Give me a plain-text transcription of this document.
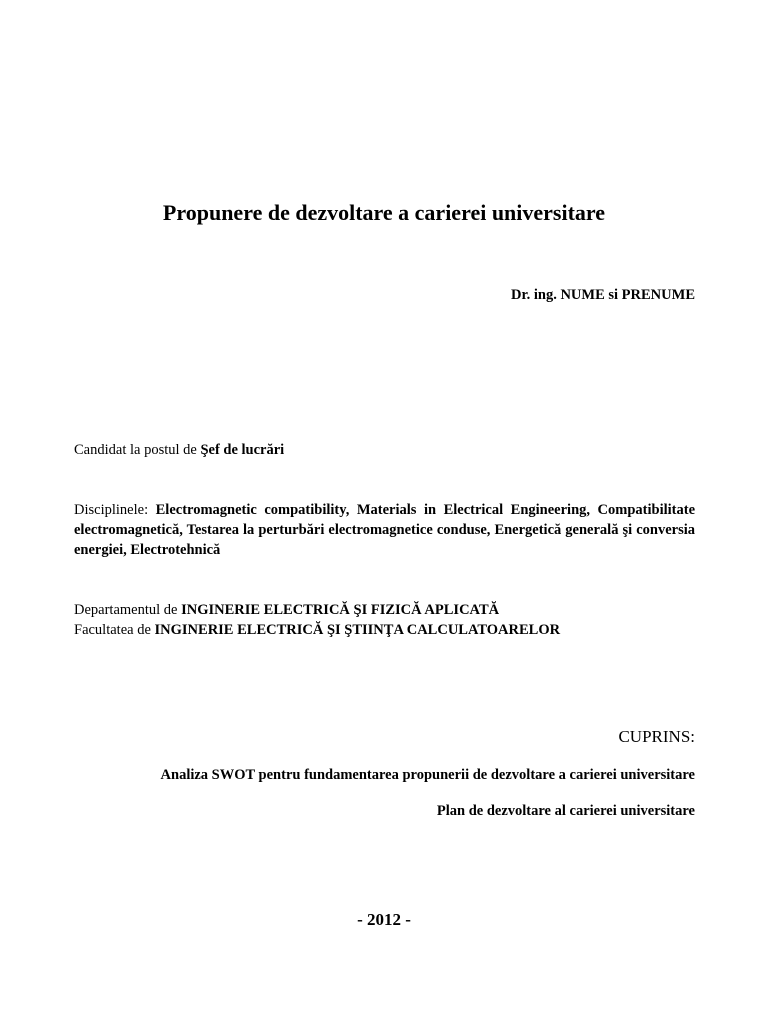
Propunere de dezvoltare a carierei universitare
Dr. ing. NUME si PRENUME
Candidat la postul de Şef de lucrări
Disciplinele: Electromagnetic compatibility, Materials in Electrical Engineering, Compatibilitate electromagnetică, Testarea la perturbări electromagnetice conduse, Energetică generală şi conversia energiei, Electrotehnică
Departamentul de INGINERIE ELECTRICĂ ŞI FIZICĂ APLICATĂ
Facultatea de INGINERIE ELECTRICĂ ŞI ŞTIINŢA CALCULATOARELOR
CUPRINS:
Analiza SWOT pentru fundamentarea propunerii de dezvoltare a carierei universitare
Plan de dezvoltare al carierei universitare
- 2012 -
